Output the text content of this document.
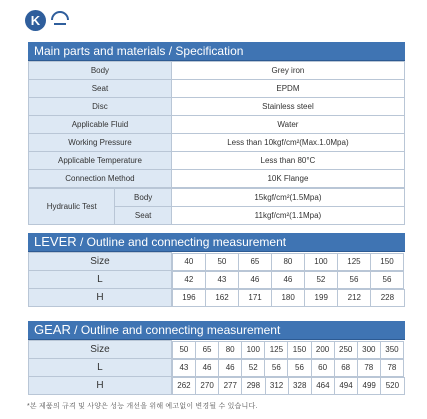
K
Main parts and materials / Specification
Body	Grey iron
Seat	EPDM
Disc	Stainless steel
Applicable Fluid	Water
Working Pressure	Less than 10kgf/cm²(Max.1.0Mpa)
Applicable Temperature	Less than 80°C
Connection Method	10K Flange
Hydraulic Test	Body	15kgf/cm²(1.5Mpa)
	Seat	11kgf/cm²(1.1Mpa)
LEVER / Outline and connecting measurement
Size		40	50	65	80	100	125	150

L		42	43	46	46	52	56	56

H		196	162	171	180	199	212	228
GEAR / Outline and connecting measurement
Size		50	65	80	100	125	150	200	250	300	350

L		43	46	46	52	56	56	60	68	78	78

H		262	270	277	298	312	328	464	494	499	520
*본 제품의 규격 및 사양은 성능 개선을 위해 예고없이 변경될 수 있습니다.
